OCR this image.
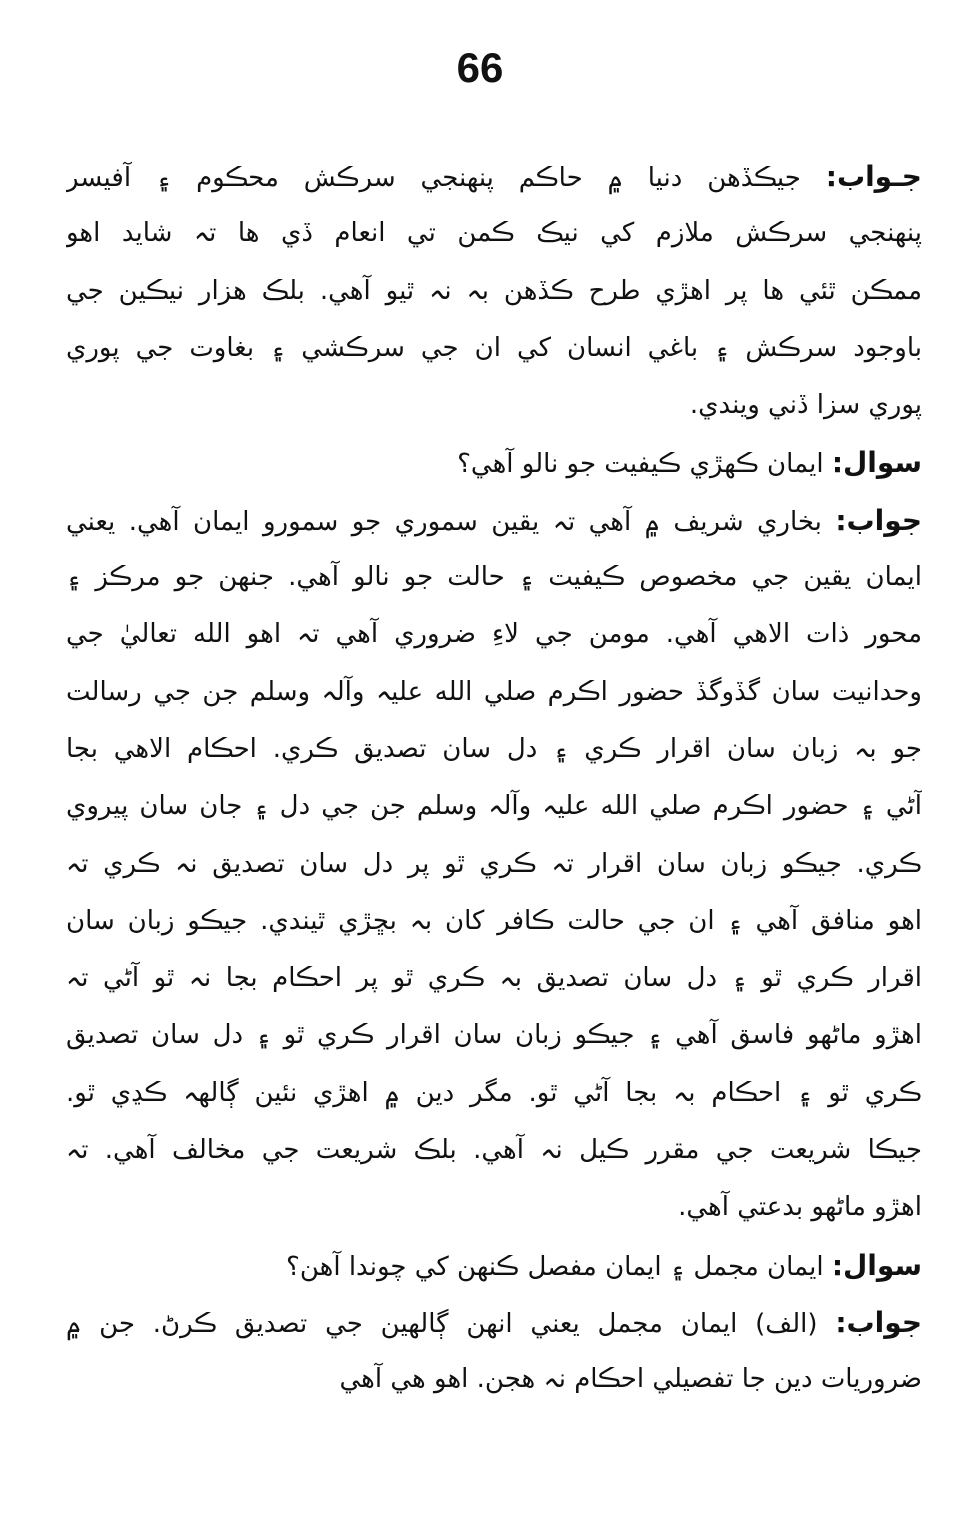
66
جـواب: جيڪڏهن دنيا ۾ حاڪم پنهنجي سرڪش محڪوم ۽ آفيسر
پنهنجي سرڪش ملازم کي نيڪ ڪمن تي انعام ڏي ها تہ شايد اهو
ممڪن ٿئي ها پر اهڙي طرح ڪڏهن بہ نہ ٿيو آهي. بلڪ هزار نيڪين جي
باوجود سرڪش ۽ باغي انسان کي ان جي سرڪشي ۽ بغاوت جي پوري
پوري سزا ڏني ويندي.
سوال: ايمان ڪهڙي ڪيفيت جو نالو آهي؟
جواب: بخاري شريف ۾ آهي تہ يقين سموري جو سمورو ايمان آهي. يعني
ايمان يقين جي مخصوص ڪيفيت ۽ حالت جو نالو آهي. جنهن جو مرڪز ۽
محور ذات الاهي آهي. مومن جي لاءِ ضروري آهي تہ اهو الله تعاليٰ جي
وحدانيت سان گڏوگڏ حضور اڪرم صلي الله عليہ وآلہ وسلم جن جي رسالت
جو بہ زبان سان اقرار ڪري ۽ دل سان تصديق ڪري. احڪام الاهي بجا
آڻي ۽ حضور اڪرم صلي الله عليہ وآلہ وسلم جن جي دل ۽ جان سان پيروي
ڪري. جيڪو زبان سان اقرار تہ ڪري ٿو پر دل سان تصديق نہ ڪري تہ
اهو منافق آهي ۽ ان جي حالت ڪافر کان بہ بڇڙي ٿيندي. جيڪو زبان سان
اقرار ڪري ٿو ۽ دل سان تصديق بہ ڪري ٿو پر احڪام بجا نہ ٿو آڻي تہ
اهڙو ماڻهو فاسق آهي ۽ جيڪو زبان سان اقرار ڪري ٿو ۽ دل سان تصديق
ڪري ٿو ۽ احڪام بہ بجا آڻي ٿو. مگر دين ۾ اهڙي نئين ڳالهہ ڪڍي ٿو.
جيڪا شريعت جي مقرر ڪيل نہ آهي. بلڪ شريعت جي مخالف آهي. تہ
اهڙو ماڻهو بدعتي آهي.
سوال: ايمان مجمل ۽ ايمان مفصل ڪنهن کي چوندا آهن؟
جواب: (الف) ايمان مجمل يعني انهن ڳالهين جي تصديق ڪرڻ. جن ۾
ضروريات دين جا تفصيلي احڪام نہ هجن. اهو هي آهي
